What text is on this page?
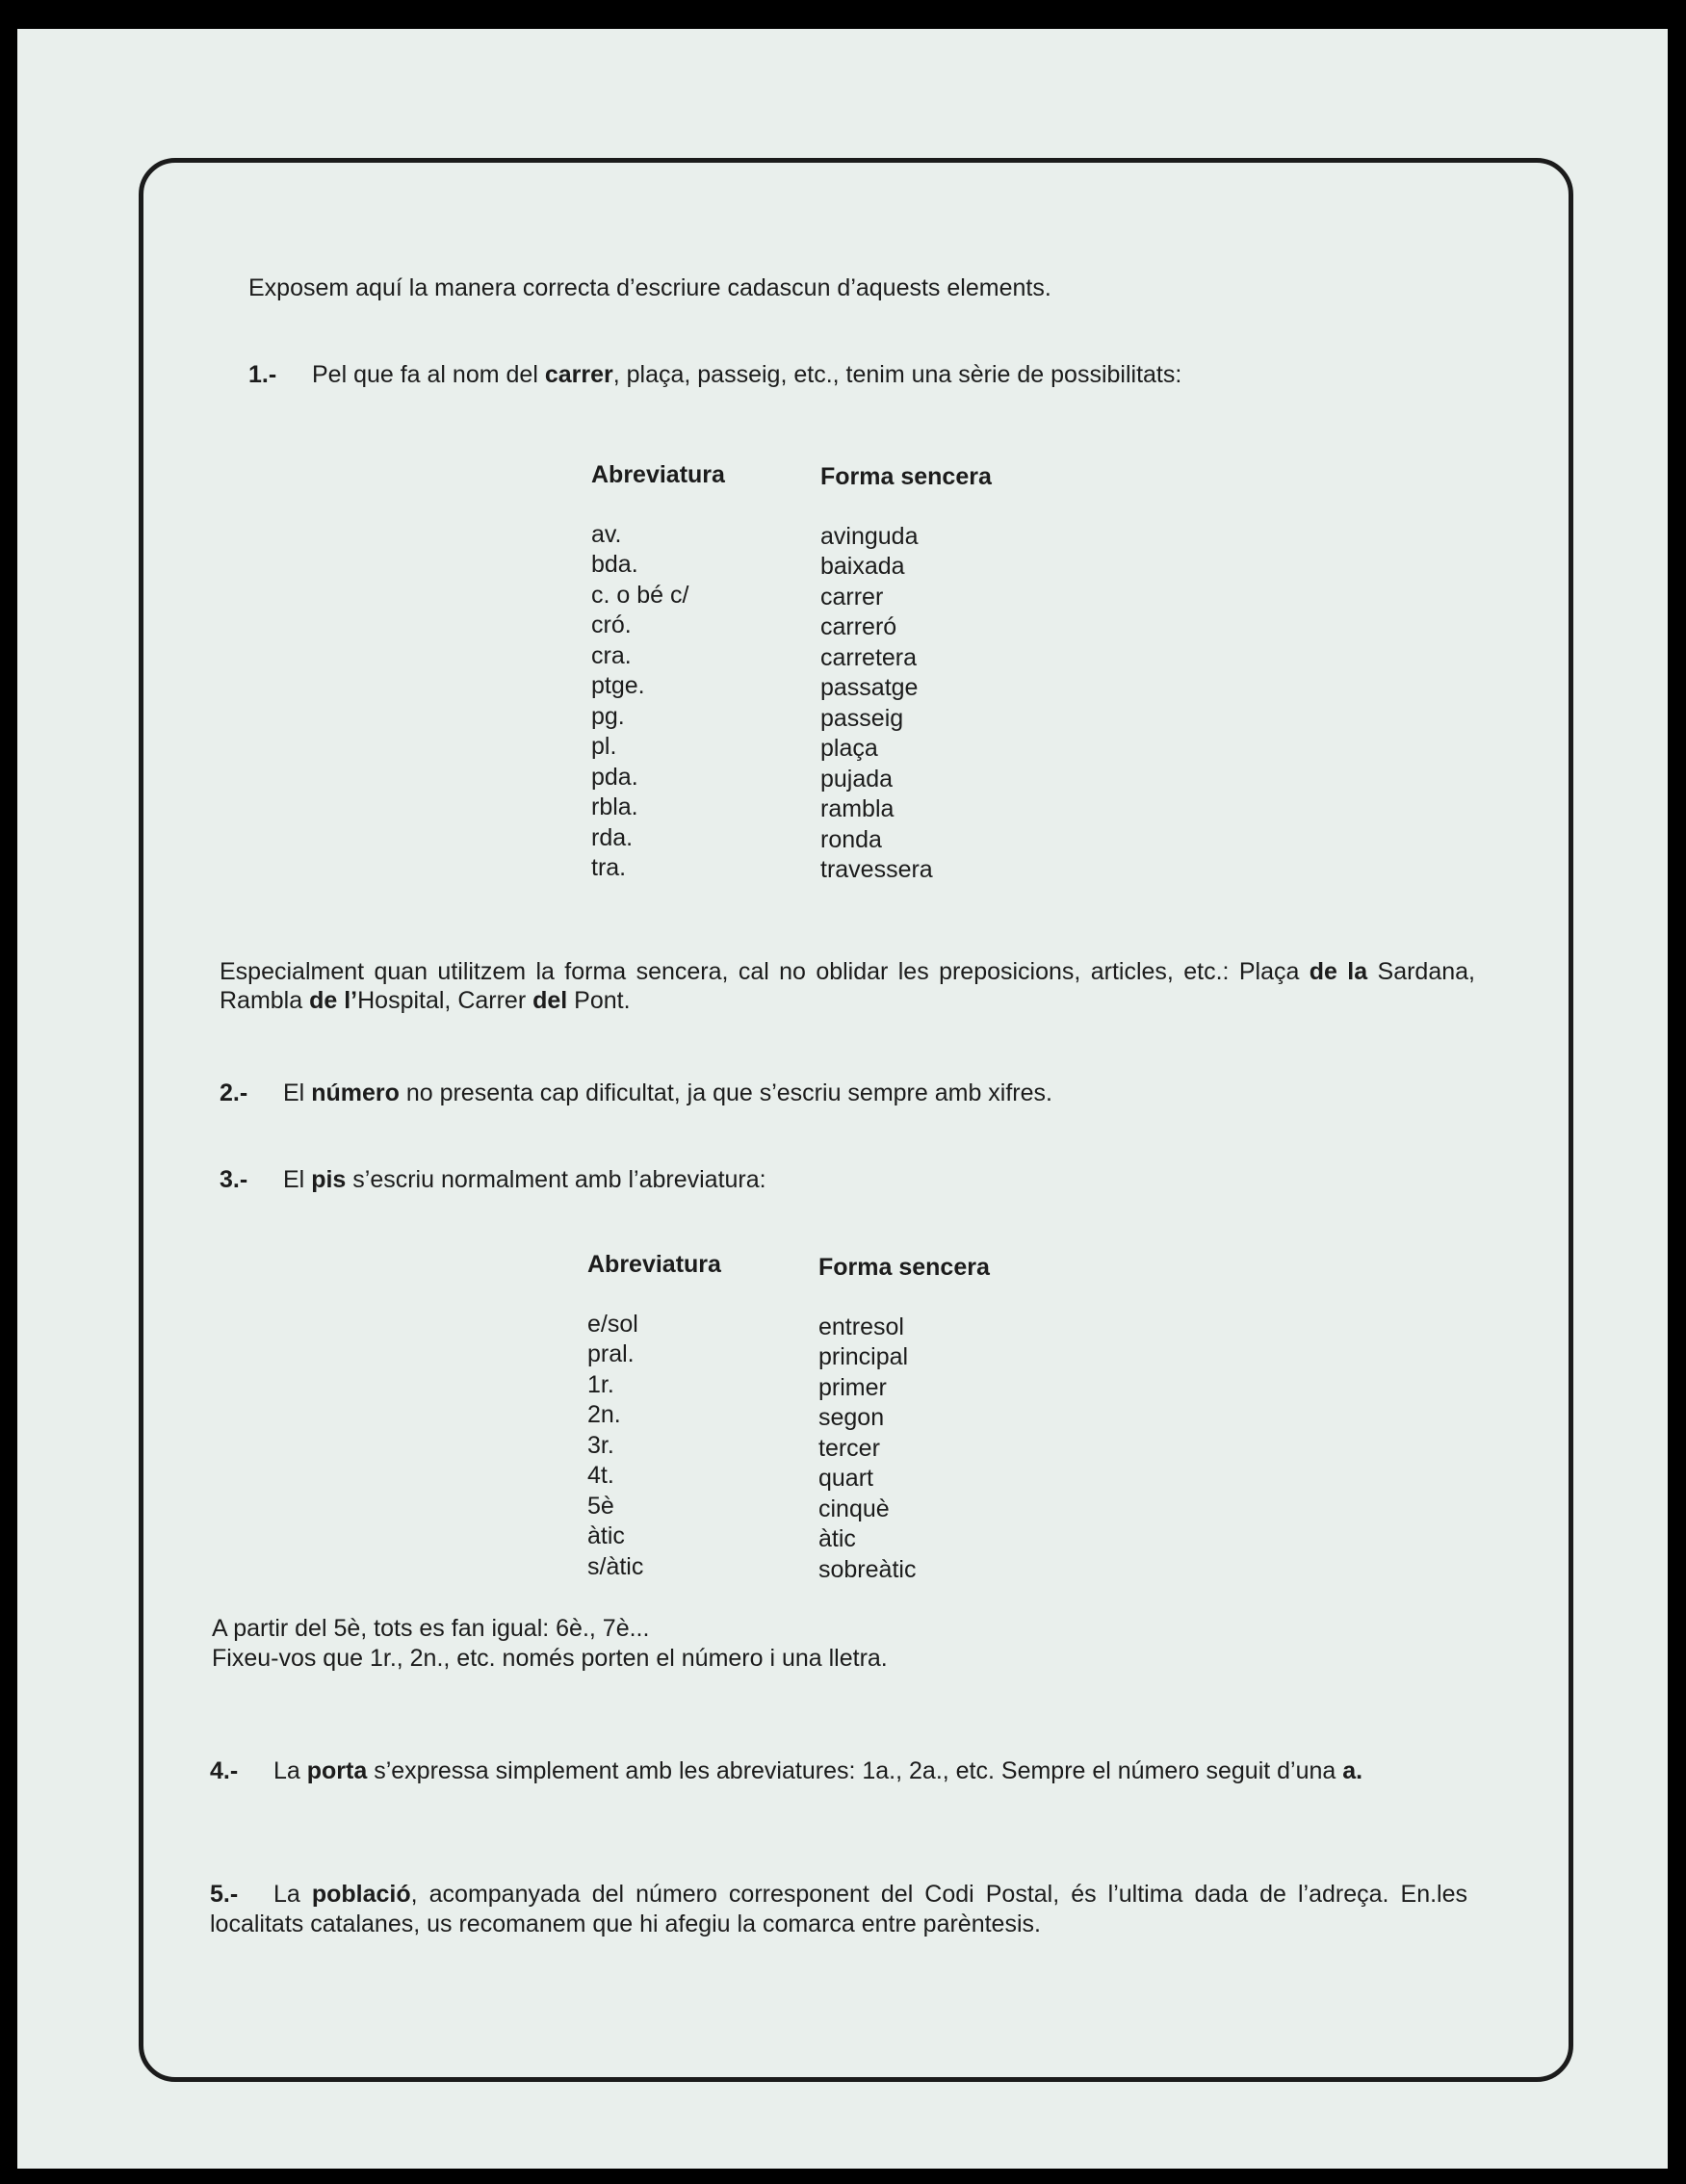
Exposem aquí la manera correcta d’escriure cadascun d’aquests elements.

1.- Pel que fa al nom del carrer, plaça, passeig, etc., tenim una sèrie de possibilitats:

Abreviatura
av.
bda.
c. o bé c/
cró.
cra.
ptge.
pg.
pl.
pda.
rbla.
rda.
tra.
Forma sencera
avinguda
baixada
carrer
carreró
carretera
passatge
passeig
plaça
pujada
rambla
ronda
travessera

Especialment quan utilitzem la forma sencera, cal no oblidar les preposicions, articles, etc.: Plaça de la Sardana, Rambla de l’Hospital, Carrer del Pont.

2.- El número no presenta cap dificultat, ja que s’escriu sempre amb xifres.

3.- El pis s’escriu normalment amb l’abreviatura:

Abreviatura
e/sol
pral.
1r.
2n.
3r.
4t.
5è
àtic
s/àtic
Forma sencera
entresol
principal
primer
segon
tercer
quart
cinquè
àtic
sobreàtic

A partir del 5è, tots es fan igual: 6è., 7è...
Fixeu-vos que 1r., 2n., etc. només porten el número i una lletra.

4.- La porta s’expressa simplement amb les abreviatures: 1a., 2a., etc. Sempre el número seguit d’una a.

5.- La població, acompanyada del número corresponent del Codi Postal, és l’ultima dada de l’adreça. En.les localitats catalanes, us recomanem que hi afegiu la comarca entre parèntesis.
